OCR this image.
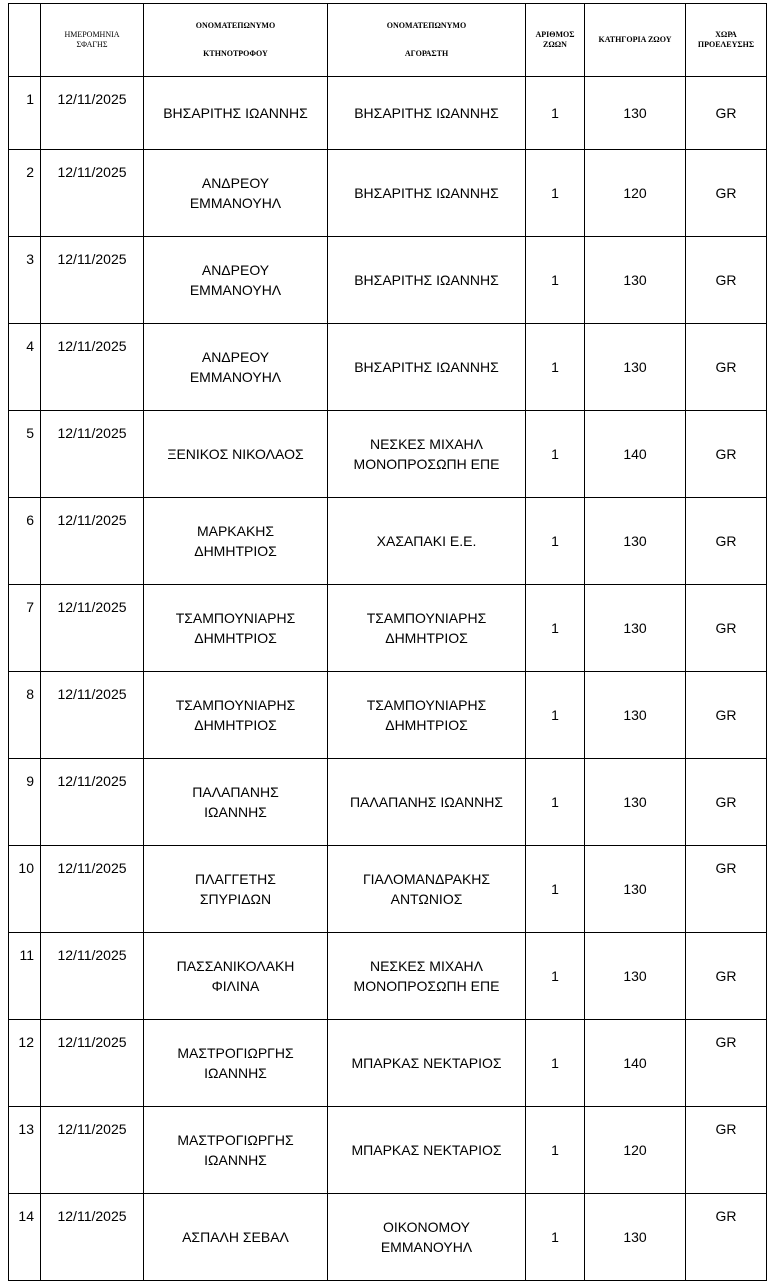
	ΗΜΕΡΟΜΗΝΙΑ
ΣΦΑΓΗΣ	ΟΝΟΜΑΤΕΠΩΝΥΜΟ
ΚΤΗΝΟΤΡΟΦΟΥ	ΟΝΟΜΑΤΕΠΩΝΥΜΟ
ΑΓΟΡΑΣΤΗ	ΑΡΙΘΜΟΣ
ΖΩΩΝ	ΚΑΤΗΓΟΡΙΑ ΖΩΟΥ	ΧΩΡΑ
ΠΡΟΕΛΕΥΣΗΣ
1	12/11/2025	ΒΗΣΑΡΙΤΗΣ ΙΩΑΝΝΗΣ	ΒΗΣΑΡΙΤΗΣ ΙΩΑΝΝΗΣ	1	130	GR
2	12/11/2025	ΑΝΔΡΕΟΥ
ΕΜΜΑΝΟΥΗΛ	ΒΗΣΑΡΙΤΗΣ ΙΩΑΝΝΗΣ	1	120	GR
3	12/11/2025	ΑΝΔΡΕΟΥ
ΕΜΜΑΝΟΥΗΛ	ΒΗΣΑΡΙΤΗΣ ΙΩΑΝΝΗΣ	1	130	GR
4	12/11/2025	ΑΝΔΡΕΟΥ
ΕΜΜΑΝΟΥΗΛ	ΒΗΣΑΡΙΤΗΣ ΙΩΑΝΝΗΣ	1	130	GR
5	12/11/2025	ΞΕΝΙΚΟΣ ΝΙΚΟΛΑΟΣ	ΝΕΣΚΕΣ ΜΙΧΑΗΛ
ΜΟΝΟΠΡΟΣΩΠΗ ΕΠΕ	1	140	GR
6	12/11/2025	ΜΑΡΚΑΚΗΣ
ΔΗΜΗΤΡΙΟΣ	ΧΑΣΑΠΑΚΙ Ε.Ε.	1	130	GR
7	12/11/2025	ΤΣΑΜΠΟΥΝΙΑΡΗΣ
ΔΗΜΗΤΡΙΟΣ	ΤΣΑΜΠΟΥΝΙΑΡΗΣ
ΔΗΜΗΤΡΙΟΣ	1	130	GR
8	12/11/2025	ΤΣΑΜΠΟΥΝΙΑΡΗΣ
ΔΗΜΗΤΡΙΟΣ	ΤΣΑΜΠΟΥΝΙΑΡΗΣ
ΔΗΜΗΤΡΙΟΣ	1	130	GR
9	12/11/2025	ΠΑΛΑΠΑΝΗΣ
ΙΩΑΝΝΗΣ	ΠΑΛΑΠΑΝΗΣ ΙΩΑΝΝΗΣ	1	130	GR
10	12/11/2025	ΠΛΑΓΓΕΤΗΣ
ΣΠΥΡΙΔΩΝ	ΓΙΑΛΟΜΑΝΔΡΑΚΗΣ
ΑΝΤΩΝΙΟΣ	1	130	GR
11	12/11/2025	ΠΑΣΣΑΝΙΚΟΛΑΚΗ
ΦΙΛΙΝΑ	ΝΕΣΚΕΣ ΜΙΧΑΗΛ
ΜΟΝΟΠΡΟΣΩΠΗ ΕΠΕ	1	130	GR
12	12/11/2025	ΜΑΣΤΡΟΓΙΩΡΓΗΣ
ΙΩΑΝΝΗΣ	ΜΠΑΡΚΑΣ ΝΕΚΤΑΡΙΟΣ	1	140	GR
13	12/11/2025	ΜΑΣΤΡΟΓΙΩΡΓΗΣ
ΙΩΑΝΝΗΣ	ΜΠΑΡΚΑΣ ΝΕΚΤΑΡΙΟΣ	1	120	GR
14	12/11/2025	ΑΣΠΑΛΗ ΣΕΒΑΛ	ΟΙΚΟΝΟΜΟΥ
ΕΜΜΑΝΟΥΗΛ	1	130	GR
